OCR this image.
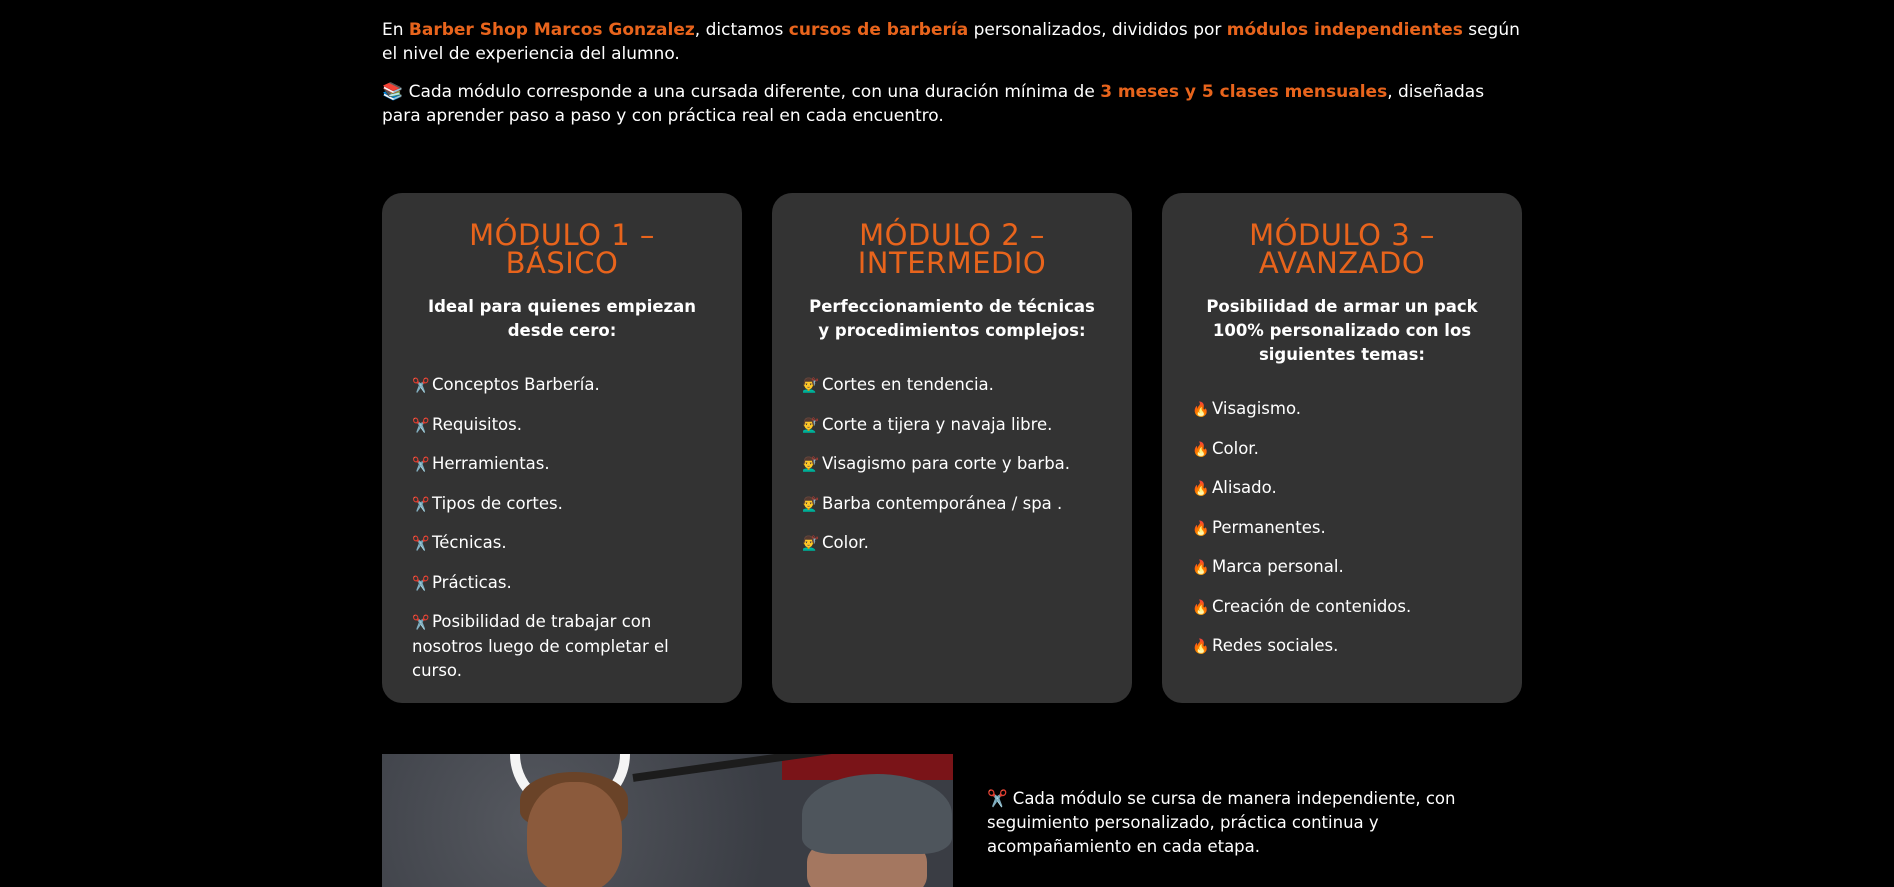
En Barber Shop Marcos Gonzalez, dictamos cursos de barbería personalizados, divididos por módulos independientes según el nivel de experiencia del alumno.

📚 Cada módulo corresponde a una cursada diferente, con una duración mínima de 3 meses y 5 clases mensuales, diseñadas para aprender paso a paso y con práctica real en cada encuentro.

MÓDULO 1 – BÁSICO

Ideal para quienes empiezan desde cero:

✂️ Conceptos Barbería.
✂️ Requisitos.
✂️ Herramientas.
✂️ Tipos de cortes.
✂️ Técnicas.
✂️ Prácticas.
✂️ Posibilidad de trabajar con nosotros luego de completar el curso.
MÓDULO 2 – INTERMEDIO

Perfeccionamiento de técnicas y procedimientos complejos:

💇‍♂️ Cortes en tendencia.
💇‍♂️ Corte a tijera y navaja libre.
💇‍♂️ Visagismo para corte y barba.
💇‍♂️ Barba contemporánea / spa .
💇‍♂️ Color.
MÓDULO 3 – AVANZADO

Posibilidad de armar un pack 100% personalizado con los siguientes temas:

🔥 Visagismo.
🔥 Color.
🔥 Alisado.
🔥 Permanentes.
🔥 Marca personal.
🔥 Creación de contenidos.
🔥 Redes sociales.

✂️ Cada módulo se cursa de manera independiente, con seguimiento personalizado, práctica continua y acompañamiento en cada etapa.
